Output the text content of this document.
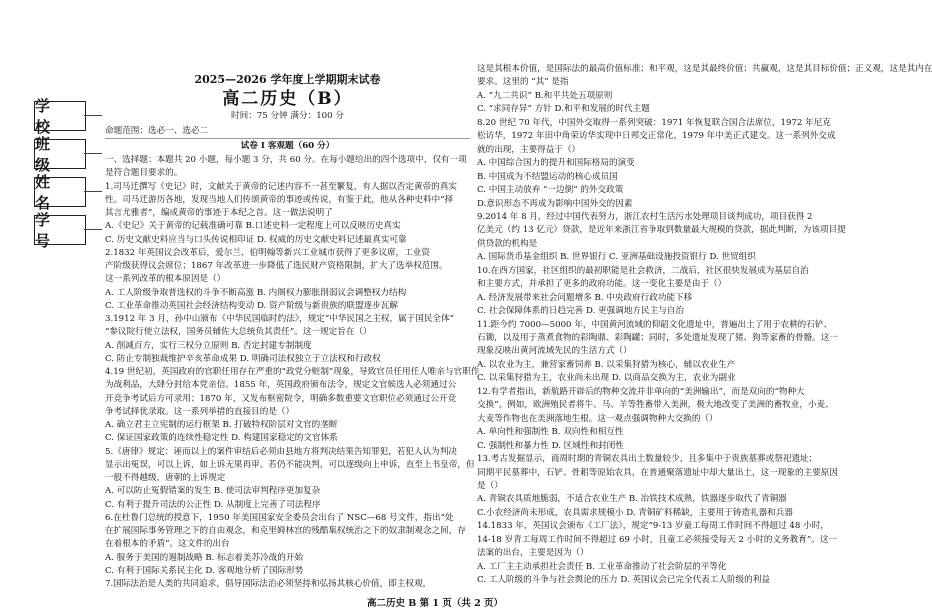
学 校
班 级
姓 名
学 号
2025—2026 学年度上学期期末试卷
高二历史（B）
时间：75 分钟 满分：100 分
命题范围：选必一、选必二
试卷 I 客观题（60 分）
一、选择题：本题共 20 小题，每小题 3 分，共 60 分。在每小题给出的四个选项中，仅有一项
是符合题目要求的。
1.司马迁撰写《史记》时，文献关于黄帝的记述内容不一甚至繁复，有人据以否定黄帝的真实
性。司马迁游历各地，发现当地人们传颂黄帝的事迹或传说，有鉴于此，他从各种史料中“择
其言尤雅者”，编成黄帝的事迹于本纪之首。这一做法说明了
A.《史记》关于黄帝的记载准确可靠 B.口述史料一定程度上可以反映历史真实
C. 历史文献史料应当与口头传说相印证 D. 权威的历史文献史料记述最真实可靠
2.1832 年英国议会改革后，爱尔兰、伯明翰等新兴工业城市获得了更多议席，工业资
产阶级获得议会席位；1867 年改革进一步降低了选民财产资格限制，扩大了选举权范围。
这一系列改革的根本原因是（）
A. 工人阶级争取普选权的斗争不断高涨 B. 内阁权力膨胀削弱议会调整权力结构
C. 工业革命推动英国社会经济结构变动 D. 资产阶级与新贵族的联盟逐步瓦解
3.1912 年 3 月，孙中山颁布《中华民国临时约法》，规定“中华民国之主权，属于国民全体”
“参议院行使立法权，国务员辅佐大总统负其责任”。这一规定旨在（）
A. 削减百方，实行三权分立原则 B. 否定封建专制制度
C. 防止专制独裁维护辛亥革命成果 D. 明确司法权独立于立法权和行政权
4.19 世纪初，英国政府的官职任用存在严重的“政党分赃制”现象，导致官员任用任人唯亲与官职作
为战利品，大肆分封给本党亲信。1855 年，英国政府颁布法令，规定文官候选人必须通过公
开竞争考试后方可录用；1870 年，又发布枢密院令，明确多数重要文官职位必须通过公开竞
争考试择优录取。这一系列举措的直接目的是（）
A. 确立君主立宪制的运行框架 B. 打破特权阶层对文官的垄断
C. 保证国家政策的连续性稳定性 D. 构建国家稳定的文官体系
5.《唐律》规定：诬而以上的案件审结后必须由县地方将判决结果告知罪犯，若犯人认为判决
显示出冤误，可以上诉，如上诉无果再审。若仍不能决判，可以逐级向上申诉，直至上书皇帝，但
一般不得越级，唐朝的上诉规定
A. 可以防止冤假错案的发生 B. 使司法审判程序更加复杂
C. 有利于提升司法的公正性 D. 从制度上完善了司法程序
6.在杜鲁门总统的授意下，1950 年美国国家安全委员会出台了 NSC—68 号文件，指出“处
在扩展国际事务管理之下的自由观念，和克里姆林宫的残酷集权统治之下的奴隶制观念之间，存
在着根本的矛盾”。这文件的出台
A. 服务于美国的遏制战略 B. 标志着美苏冷战的开始
C. 有利于国际关系民主化 D. 客观地分析了国际形势
7.国际法治是人类的共同追求，倡导国际法治必须坚持和弘扬其核心价值，即主权观，
这是其根本价值，是国际法的最高价值标准；和平观，这是其最终价值；共赢观，这是其目标价值；正义观，这是其内在
要求。这里的 “其” 是指
A. “九二共识” B.和平共处五项原则
C. “求同存异” 方针 D.和平和发展的时代主题
8.20 世纪 70 年代，中国外交取得一系列突破：1971 年恢复联合国合法席位，1972 年尼克
松访华，1972 年田中角荣访华实现中日邦交正常化，1979 年中美正式建交。这一系列外交成
就的出现，主要得益于（）
A. 中国综合国力的提升和国际格局的演变
B. 中国成为不结盟运动的核心成员国
C. 中国主动放弃 “一边倒” 的外交政策
D.意识形态不再成为影响中国外交的因素
9.2014 年 8 月，经过中国代表努力，浙江农村生活污水处理项目谈判成功，项目获得 2
亿美元（约 13 亿元）贷款，是近年来浙江省争取到数量最大规模的贷款，据此判断，为该项目提
供贷款的机构是
A. 国际货币基金组织 B. 世界银行 C. 亚洲基础设施投资银行 D. 世贸组织
10.在西方国家，社区组织的最初职能是社会救济，二战后，社区很快发展成为基层自治
和主要方式，并承担了更多的政府功能。这一变化主要是由于（）
A. 经济发展带来社会问题增多 B. 中央政府行政功能下移
C. 社会保障体系的日趋完善 D. 更强调地方民主与自治
11.距今约 7000—5000 年，中国黄河流域的仰韶文化遗址中，普遍出土了用于农耕的石铲、
石锄，以及用于蒸煮食物的彩陶鼎、彩陶罐；同时，多处遗址发现了猪、狗等家畜的骨骼。这一
现象反映出黄河流域先民的生活方式（）
A. 以农业为主，兼营家畜饲养 B. 以采集狩猎为核心，辅以农业生产
C. 以采集狩猎为主，农业尚未出现 D. 以商品交换为主，农业为副业
12.有学者指出，新航路开辟后的物种交流并非单向的“美洲输出”，而是双向的“物种大
交换”。例如，欧洲殖民者将牛、马、羊等牲畜带入美洲，极大地改变了美洲的畜牧业，小麦、
大麦等作物也在美洲落地生根。这一观点强调物种大交换的（）
A. 单向性和强制性 B. 双向性和相互性
C. 强制性和暴力性 D. 区域性和封闭性
13.考古发掘显示，商周时期的青铜农具出土数量较少，且多集中于贵族墓葬或祭祀遗址；
同期平民墓葬中，石铲、骨耜等原始农具，在普通聚落遗址中却大量出土，这一现象的主要原因
是（）
A. 青铜农具质地脆弱，不适合农业生产 B. 冶铁技术成熟，铁器逐步取代了青铜器
C.小农经济尚未形成，农具需求规模小 D. 青铜矿料稀缺，主要用于铸造礼器和兵器
14.1833 年，英国议会颁布《工厂法》，规定“9-13 岁童工每周工作时间不得超过 48 小时，
14-18 岁青工每周工作时间不得超过 69 小时，且童工必须接受每天 2 小时的义务教育”。这一
法案的出台，主要是因为（）
A. 工厂主主动承担社会责任 B. 工业革命推动了社会阶层的平等化
C. 工人阶级的斗争与社会舆论的压力 D. 英国议会已完全代表工人阶级的利益
高二历史 B 第 1 页（共 2 页）
